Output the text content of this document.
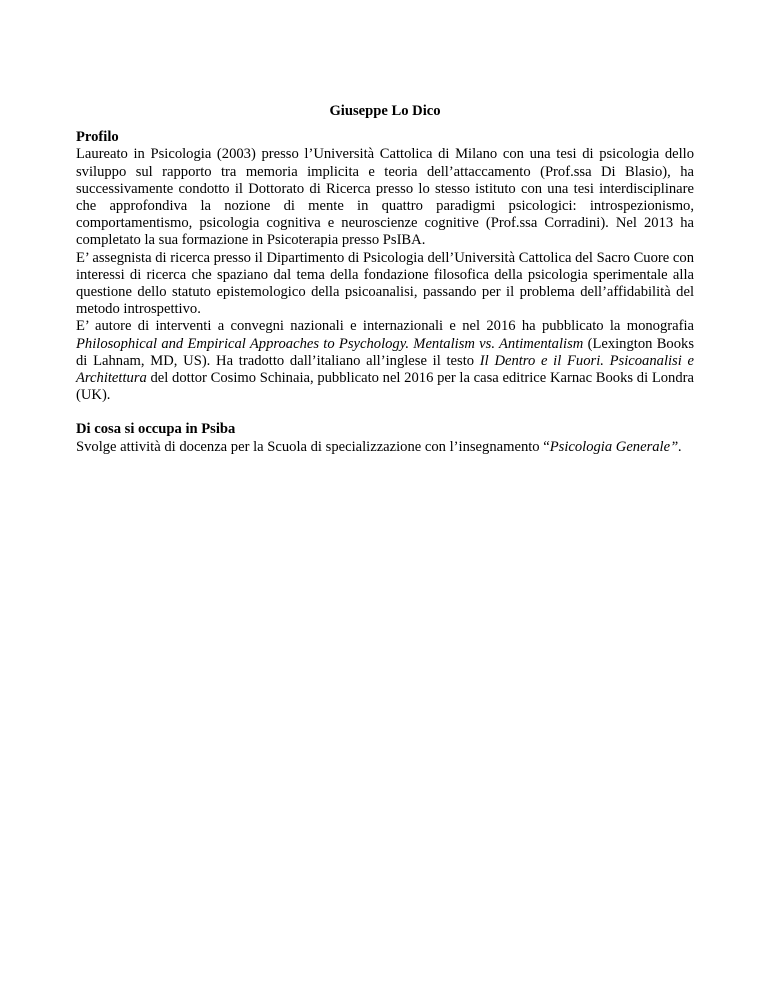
Giuseppe Lo Dico

Profilo

Laureato in Psicologia (2003) presso l’Università Cattolica di Milano con una tesi di psicologia dello sviluppo sul rapporto tra memoria implicita e teoria dell’attaccamento (Prof.ssa Di Blasio), ha successivamente condotto il Dottorato di Ricerca presso lo stesso istituto con una tesi interdisciplinare che approfondiva la nozione di mente in quattro paradigmi psicologici: introspezionismo, comportamentismo, psicologia cognitiva e neuroscienze cognitive (Prof.ssa Corradini). Nel 2013 ha completato la sua formazione in Psicoterapia presso PsIBA.

E’ assegnista di ricerca presso il Dipartimento di Psicologia dell’Università Cattolica del Sacro Cuore con interessi di ricerca che spaziano dal tema della fondazione filosofica della psicologia sperimentale alla questione dello statuto epistemologico della psicoanalisi, passando per il problema dell’affidabilità del metodo introspettivo.

E’ autore di interventi a convegni nazionali e internazionali e nel 2016 ha pubblicato la monografia Philosophical and Empirical Approaches to Psychology. Mentalism vs. Antimentalism (Lexington Books di Lahnam, MD, US). Ha tradotto dall’italiano all’inglese il testo Il Dentro e il Fuori. Psicoanalisi e Architettura del dottor Cosimo Schinaia, pubblicato nel 2016 per la casa editrice Karnac Books di Londra (UK).

Di cosa si occupa in Psiba

Svolge attività di docenza per la Scuola di specializzazione con l’insegnamento “Psicologia Generale”.
